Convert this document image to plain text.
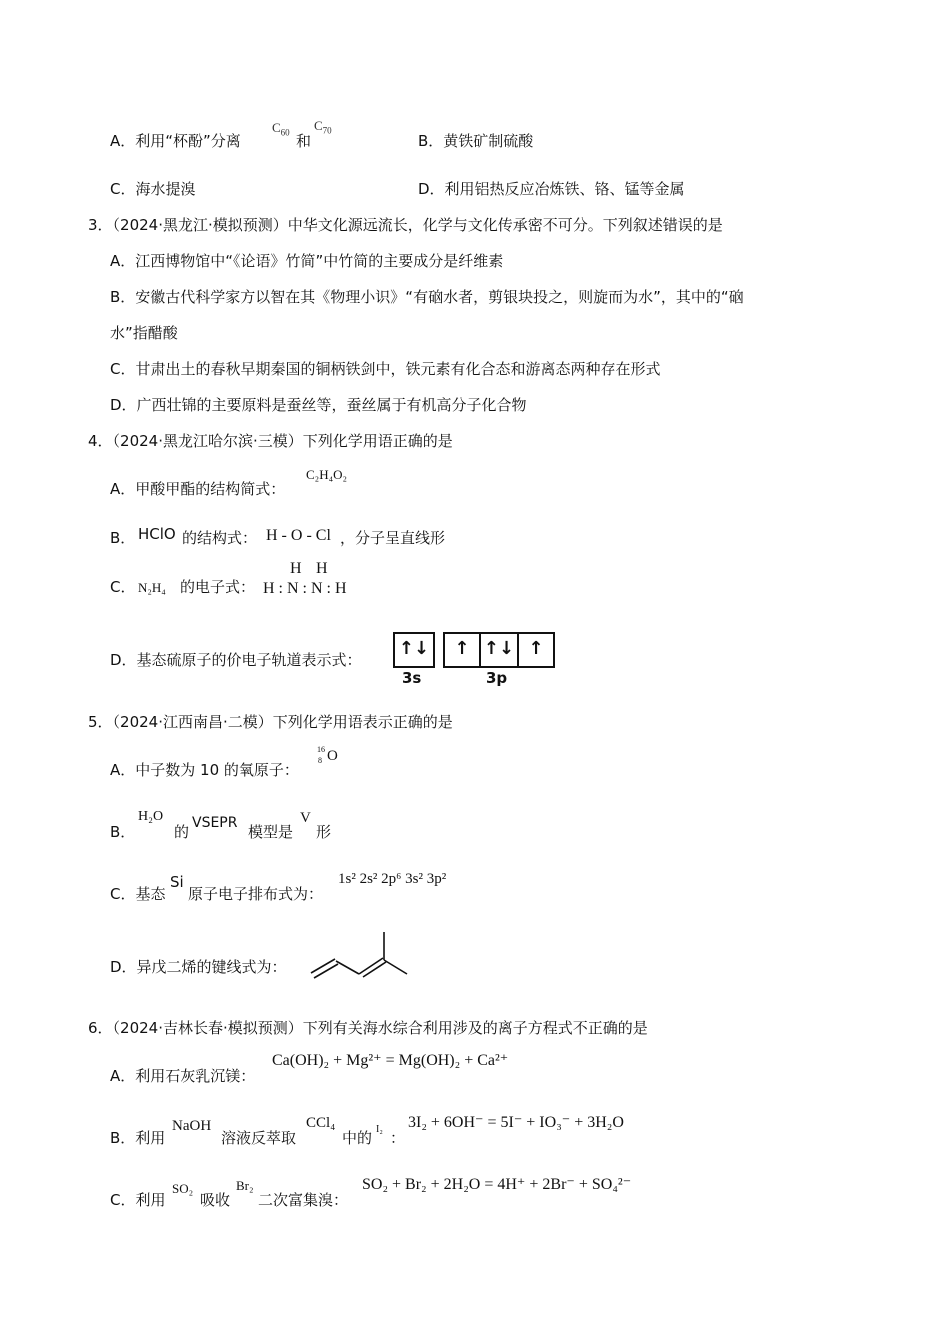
A．利用“杯酚”分离
$C_{60}$ 和
$C_{70}$
B．黄铁矿制硫酸
C．海水提溴	D．利用铝热反应冶炼铁、铬、锰等金属
3．（2024·黑龙江·模拟预测）中华文化源远流长，化学与文化传承密不可分。下列叙述错误的是
A．江西博物馆中“《论语》竹简”中竹简的主要成分是纤维素
B．安徽古代科学家方以智在其《物理小识》“有硇水者，剪银块投之，则旋而为水”，其中的“硇
水”指醋酸
C．甘肃出土的春秋早期秦国的铜柄铁剑中，铁元素有化合态和游离态两种存在形式
D．广西壮锦的主要原料是蚕丝等，蚕丝属于有机高分子化合物
4．（2024·黑龙江哈尔滨·三模）下列化学用语正确的是
A．甲酸甲酯的结构简式：
C₂H₄O₂
B． HClO 的结构式： H - O - Cl ，分子呈直线形
C． N₂H₄ 的电子式：
H H
H : N : N : H
D．基态硫原子的价电子轨道表示式：
↑↓	↑ ↑↓ ↑
3s	3p
5．（2024·江西南昌·二模）下列化学用语表示正确的是
A．中子数为 10 的氧原子：
16
8 O
B．
H₂O
的 VSEPR 模型是
V
形
C．基态
Si
原子电子排布式为：
1s² 2s² 2p⁶ 3s² 3p²
D．异戊二烯的键线式为：
6．（2024·吉林长春·模拟预测）下列有关海水综合利用涉及的离子方程式不正确的是
A．利用石灰乳沉镁：
Ca(OH)₂ + Mg²⁺ = Mg(OH)₂ + Ca²⁺
B．利用
NaOH
溶液反萃取
CCl₄
中的 I₂ ：
3I₂ + 6OH⁻ = 5I⁻ + IO₃⁻ + 3H₂O
C．利用
SO₂
吸收
Br₂
二次富集溴：
SO₂ + Br₂ + 2H₂O = 4H⁺ + 2Br⁻ + SO₄²⁻
